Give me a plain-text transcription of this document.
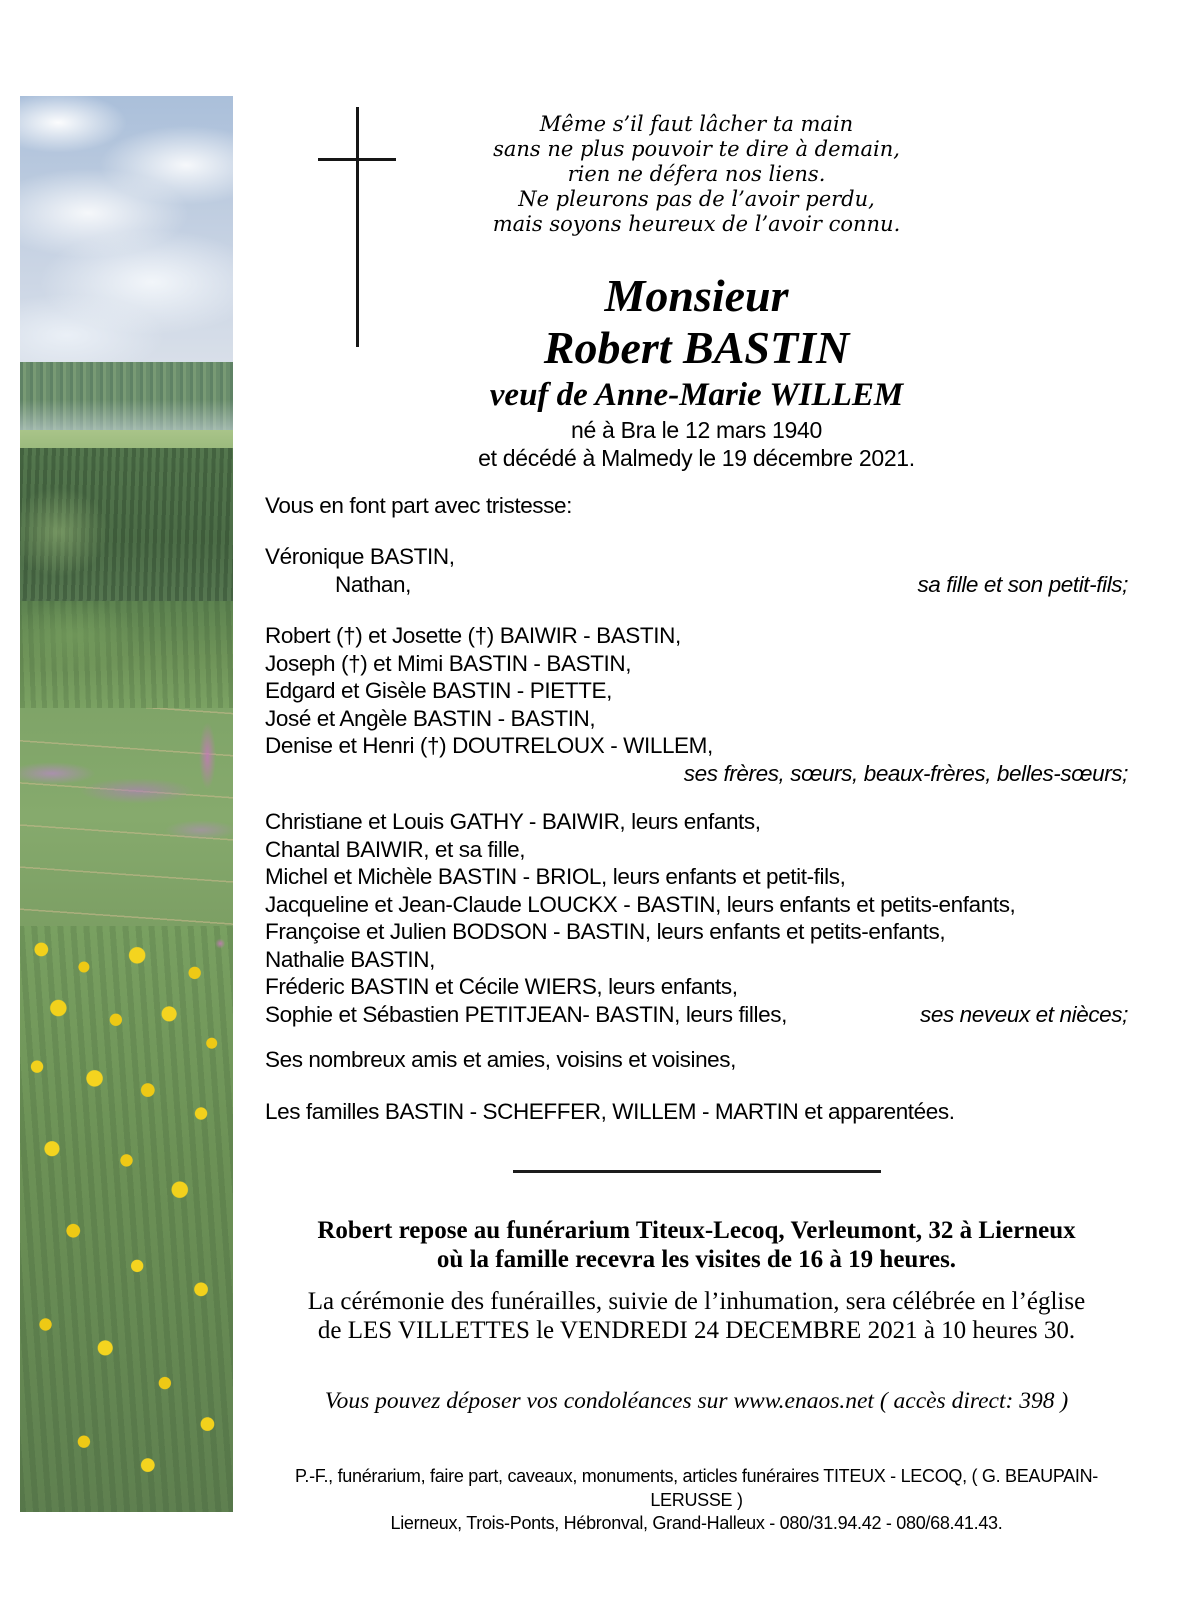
Même s’il faut lâcher ta main
sans ne plus pouvoir te dire à demain,
rien ne défera nos liens.
Ne pleurons pas de l’avoir perdu,
mais soyons heureux de l’avoir connu.
Monsieur
Robert BASTIN
veuf de Anne-Marie WILLEM
né à Bra le 12 mars 1940
et décédé à Malmedy le 19 décembre 2021.
Vous en font part avec tristesse:
Véronique BASTIN,
Nathan,	sa fille et son petit-fils;
Robert (†) et Josette (†) BAIWIR - BASTIN,
Joseph (†) et Mimi BASTIN - BASTIN,
Edgard et Gisèle BASTIN - PIETTE,
José et Angèle BASTIN - BASTIN,
Denise et Henri (†) DOUTRELOUX - WILLEM,
ses frères, sœurs, beaux-frères, belles-sœurs;
Christiane et Louis GATHY - BAIWIR, leurs enfants,
Chantal BAIWIR, et sa fille,
Michel et Michèle BASTIN - BRIOL, leurs enfants et petit-fils,
Jacqueline et Jean-Claude LOUCKX - BASTIN, leurs enfants et petits-enfants,
Françoise et Julien BODSON - BASTIN, leurs enfants et petits-enfants,
Nathalie BASTIN,
Fréderic BASTIN et Cécile WIERS, leurs enfants,
Sophie et Sébastien PETITJEAN- BASTIN, leurs filles,	ses neveux et nièces;
Ses nombreux amis et amies, voisins et voisines,
Les familles BASTIN - SCHEFFER, WILLEM - MARTIN et apparentées.
Robert repose au funérarium Titeux-Lecoq, Verleumont, 32 à Lierneux
où la famille recevra les visites de 16 à 19 heures.
La cérémonie des funérailles, suivie de l’inhumation, sera célébrée en l’église
de LES VILLETTES le VENDREDI 24 DECEMBRE 2021 à 10 heures 30.
Vous pouvez déposer vos condoléances sur www.enaos.net ( accès direct: 398 )
P.-F., funérarium, faire part, caveaux, monuments, articles funéraires TITEUX - LECOQ, ( G. BEAUPAIN-LERUSSE )
Lierneux, Trois-Ponts, Hébronval, Grand-Halleux - 080/31.94.42 - 080/68.41.43.
